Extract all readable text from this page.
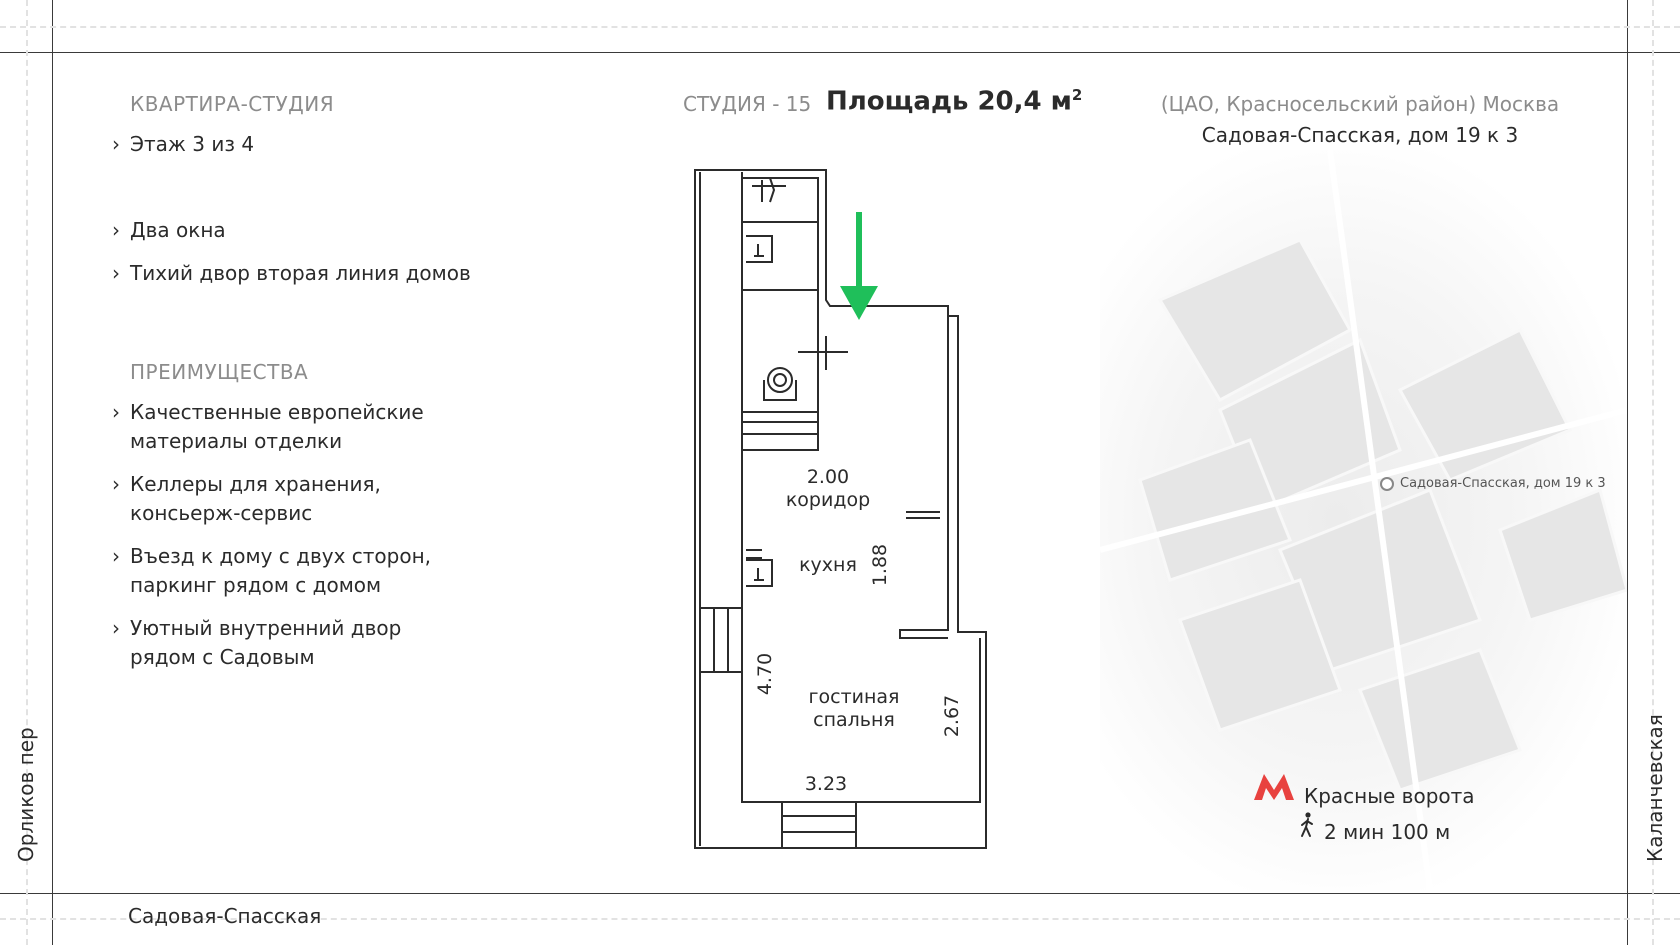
Садовая-Спасская
Орликов пер	Каланчевская
КВАРТИРА-СТУДИЯ
› Этаж 3 из 4
› Два окна
› Тихий двор вторая линия домов
ПРЕИМУЩЕСТВА
› Качественные европейские материалы отделки
› Келлеры для хранения, консьерж-сервис
› Въезд к дому с двух сторон, паркинг рядом с домом
› Уютный внутренний двор рядом с Садовым
СТУДИЯ - 15 Площадь 20,4 $м^2$	(ЦАО, Красносельский район) Москва
Садовая-Спасская, дом 19 к 3
Садовая-Спасская, дом 19 к 3
2.00
коридор
кухня 1.88
гостиная
спальня
4.70
2.67
3.23	Красные ворота
2 мин 100 м
